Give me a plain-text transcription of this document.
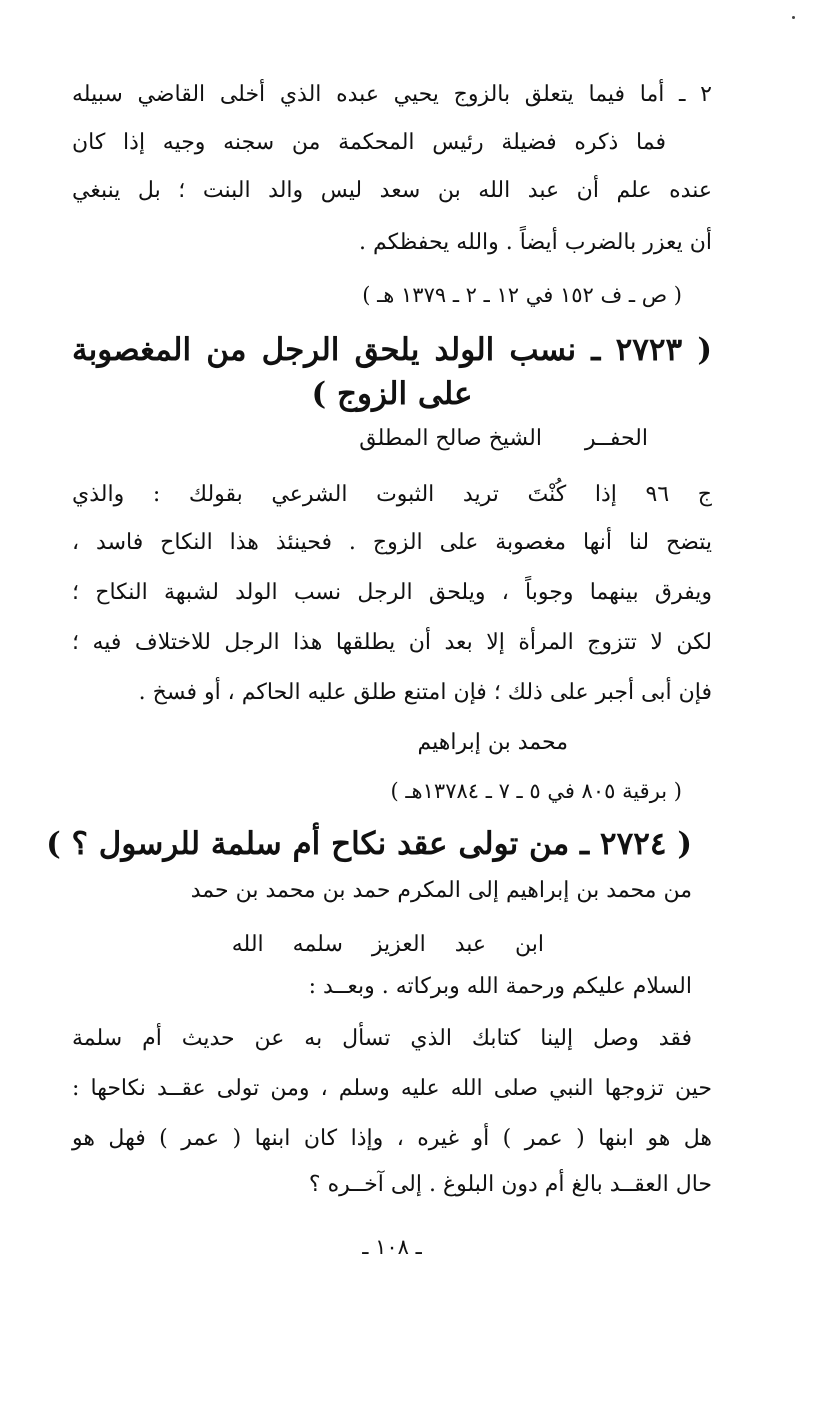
٢ ـ أما فيما يتعلق بالزوج يحيي عبده الذي أخلى القاضي سبيله
فما ذكره فضيلة رئيس المحكمة من سجنه وجيه إذا كان
عنده علم أن عبد الله بن سعد ليس والد البنت ؛ بل ينبغي
أن يعزر بالضرب أيضاً . والله يحفظكم .
( ص ـ ف ١٥٢ في ١٢ ـ ٢ ـ ١٣٧٩ هـ )
( ٢٧٢٣ ـ نسب الولد يلحق الرجل من المغصوبة
على الزوج )
الحفــر
الشيخ صالح المطلق
ج ٩٦ إذا كُنْتَ تريد الثبوت الشرعي بقولك : والذي
يتضح لنا أنها مغصوبة على الزوج . فحينئذ هذا النكاح فاسد ،
ويفرق بينهما وجوباً ، ويلحق الرجل نسب الولد لشبهة النكاح ؛
لكن لا تتزوج المرأة إلا بعد أن يطلقها هذا الرجل للاختلاف فيه ؛
فإن أبى أجبر على ذلك ؛ فإن امتنع طلق عليه الحاكم ، أو فسخ .
محمد بن إبراهيم
( برقية ٨٠٥ في ٥ ـ ٧ ـ ١٣٧٨٤هـ )
( ٢٧٢٤ ـ من تولى عقد نكاح أم سلمة للرسول ؟ )
من محمد بن إبراهيم إلى المكرم حمد بن محمد بن حمد
ابن عبد العزيز سلمه الله
السلام عليكم ورحمة الله وبركاته . وبعــد :
فقد وصل إلينا كتابك الذي تسأل به عن حديث أم سلمة
حين تزوجها النبي صلى الله عليه وسلم ، ومن تولى عقــد نكاحها :
هل هو ابنها ( عمر ) أو غيره ، وإذا كان ابنها ( عمر ) فهل هو
حال العقــد بالغ أم دون البلوغ . إلى آخــره ؟
ـ ١٠٨ ـ
